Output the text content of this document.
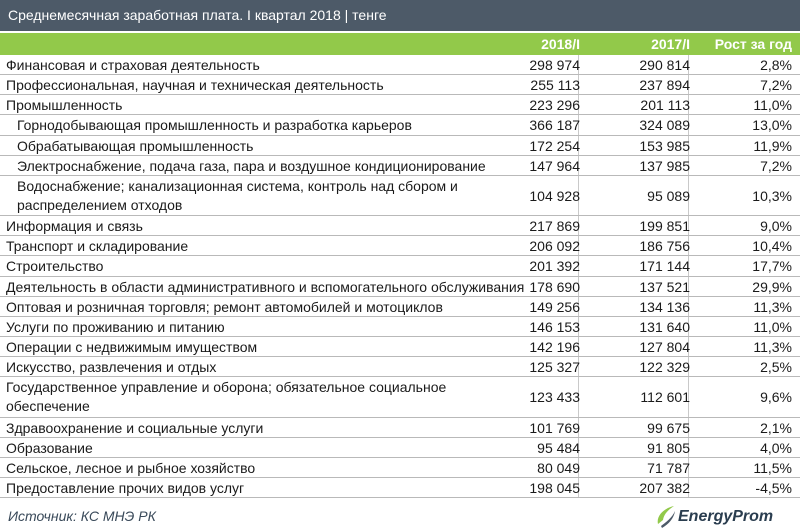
Среднемесячная заработная плата. I квартал 2018 | тенге
2018/I	2017/I	Рост за год
Финансовая и страховая деятельность	298 974	290 814	2,8%
Профессиональная, научная и техническая деятельность	255 113	237 894	7,2%
Промышленность	223 296	201 113	11,0%
Горнодобывающая промышленность и разработка карьеров	366 187	324 089	13,0%
Обрабатывающая промышленность	172 254	153 985	11,9%
Электроснабжение, подача газа, пара и воздушное кондиционирование	147 964	137 985	7,2%
Водоснабжение; канализационная система, контроль над сбором и распределением отходов
104 928	95 089	10,3%
Информация и связь	217 869	199 851	9,0%
Транспорт и складирование	206 092	186 756	10,4%
Строительство	201 392	171 144	17,7%
Деятельность в области административного и вспомогательного обслуживания 178 690	137 521	29,9%
Оптовая и розничная торговля; ремонт автомобилей и мотоциклов	149 256	134 136	11,3%
Услуги по проживанию и питанию	146 153	131 640	11,0%
Операции с недвижимым имуществом	142 196	127 804	11,3%
Искусство, развлечения и отдых	125 327	122 329	2,5%
Государственное управление и оборона; обязательное социальное обеспечение
123 433	112 601	9,6%
Здравоохранение и социальные услуги	101 769	99 675	2,1%
Образование	95 484	91 805	4,0%
Сельское, лесное и рыбное хозяйство	80 049	71 787	11,5%
Предоставление прочих видов услуг	198 045	207 382	-4,5%
Источник: КС МНЭ РК	EnergyProm
